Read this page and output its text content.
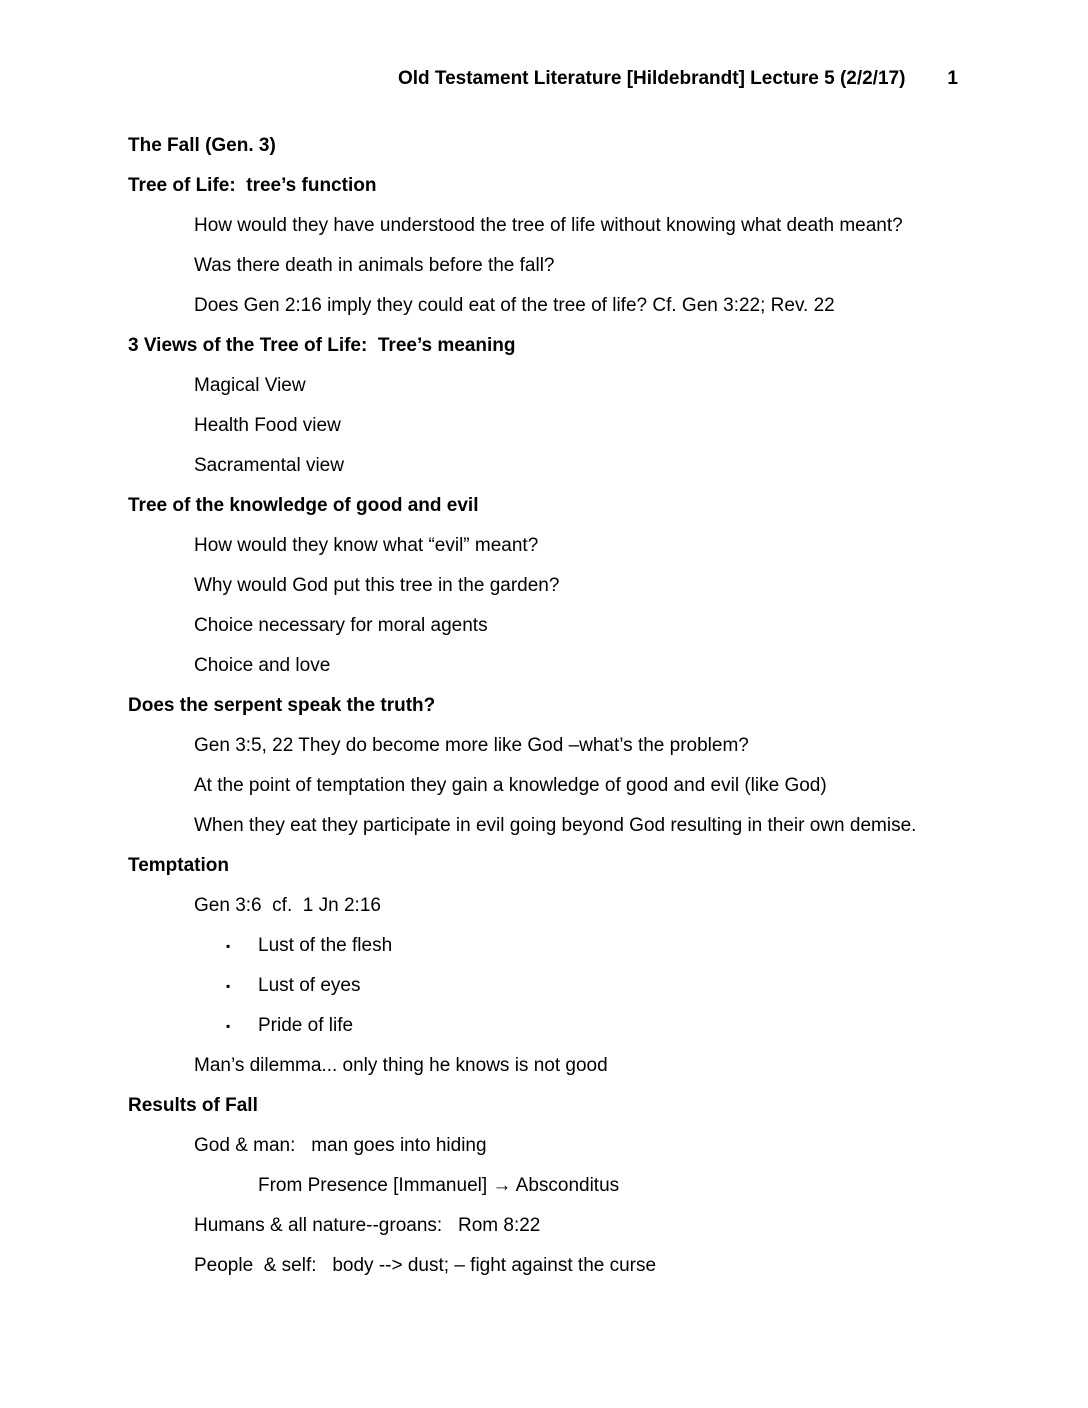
Old Testament Literature [Hildebrandt] Lecture 5 (2/2/17) 1
The Fall (Gen. 3)
Tree of Life:  tree’s function
How would they have understood the tree of life without knowing what death meant?
Was there death in animals before the fall?
Does Gen 2:16 imply they could eat of the tree of life? Cf. Gen 3:22; Rev. 22
3 Views of the Tree of Life:  Tree’s meaning
Magical View
Health Food view
Sacramental view
Tree of the knowledge of good and evil
How would they know what “evil” meant?
Why would God put this tree in the garden?
Choice necessary for moral agents
Choice and love
Does the serpent speak the truth?
Gen 3:5, 22 They do become more like God –what’s the problem?
At the point of temptation they gain a knowledge of good and evil (like God)
When they eat they participate in evil going beyond God resulting in their own demise.
Temptation
Gen 3:6  cf.  1 Jn 2:16
▪	Lust of the flesh
▪	Lust of eyes
▪	Pride of life
Man’s dilemma... only thing he knows is not good
Results of Fall
God & man:   man goes into hiding
From Presence [Immanuel] → Absconditus
Humans & all nature--groans:   Rom 8:22
People  & self:   body --> dust; – fight against the curse
